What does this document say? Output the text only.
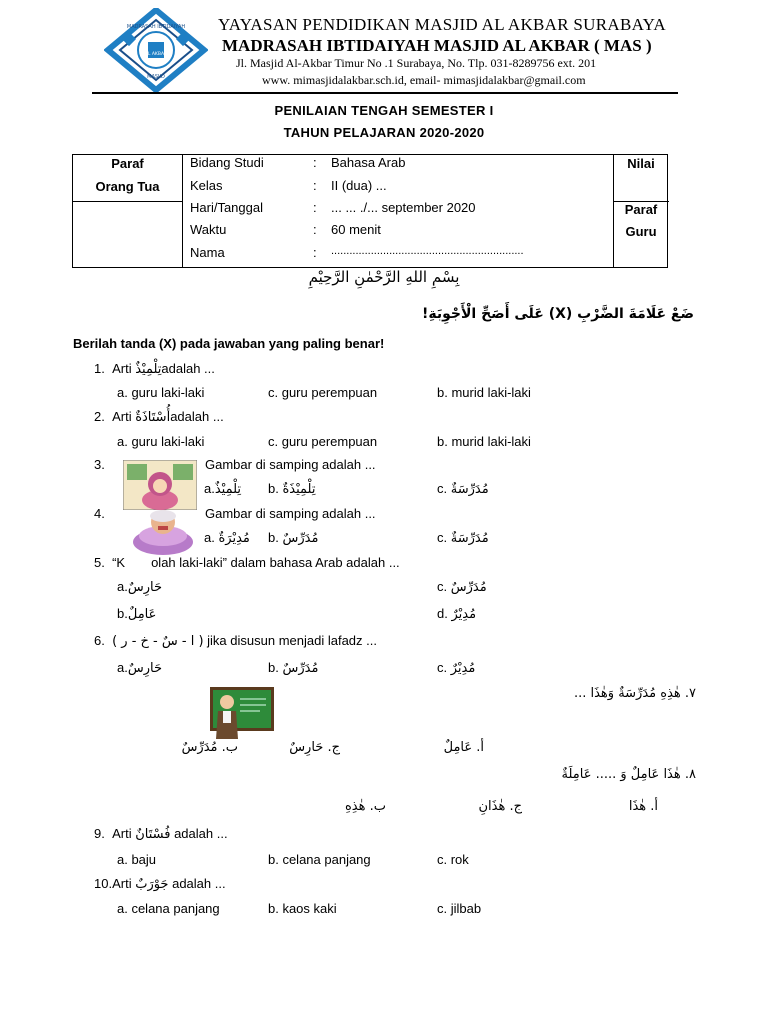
MADRASAH IBTIDAIYAH
AL AKBAR
MASJID
YAYASAN PENDIDIKAN MASJID AL AKBAR SURABAYA
MADRASAH IBTIDAIYAH MASJID AL AKBAR ( MAS )
Jl. Masjid Al-Akbar Timur No .1 Surabaya, No. Tlp. 031-8289756 ext. 201
www. mimasjidalakbar.sch.id, email- mimasjidalakbar@gmail.com
PENILAIAN TENGAH SEMESTER I
TAHUN PELAJARAN 2020-2020
Paraf
Orang Tua
Nilai
Paraf
Guru
Bidang Studi	: Bahasa Arab
Kelas	: II (dua) ...
Hari/Tanggal	: ... ... ./... september 2020
Waktu	: 60 menit
Nama	: ...............................................................
بِسْمِ اللهِ الرَّحْمٰنِ الرَّحِيْمِ
ضَعْ عَلَامَةَ الضَّرْبِ (X) عَلَى أَصَحِّ الْأَجْوِبَةِ!
Berilah tanda (X) pada jawaban yang paling benar!
1. Arti تِلْمِيْذٌadalah ...
a. guru laki-laki	c. guru perempuan	b. murid laki-laki
2. Arti أُسْتَاذَةٌadalah ...
a. guru laki-laki	c. guru perempuan	b. murid laki-laki
3.	Gambar di samping adalah ...
a.تِلْمِيْذٌ b. تِلْمِيْذَةٌ	c. مُدَرِّسَةٌ
4.	Gambar di samping adalah ...
a. مُدِيْرَةٌ b. مُدَرِّسٌ	c. مُدَرِّسَةٌ
5. “K olah laki-laki” dalam bahasa Arab adalah ...
a.حَارِسٌ	c. مُدَرِّسٌ
b.عَامِلٌ	d. مُدِيْرٌ
6. ( ا - سٌ - خ - ر ) jika disusun menjadi lafadz ...
a.حَارِسٌ	b. مُدَرِّسٌ	c. مُدِيْرٌ
٧. هٰذِهِ مُدَرِّسَةٌ وَهٰذَا ...
أ. عَامِلٌ
ب. مُدَرِّسٌ	ج. حَارِسٌ
٨. هٰذَا عَامِلٌ وَ ..... عَامِلَةٌ
أ. هٰذَا
ب. هٰذِهِ	ج. هٰذَانِ
9. Arti فُسْتَانٌ adalah ...
a. baju	b. celana panjang	c. rok
10.Arti جَوْرَبٌ adalah ...
a. celana panjang	b. kaos kaki	c. jilbab
